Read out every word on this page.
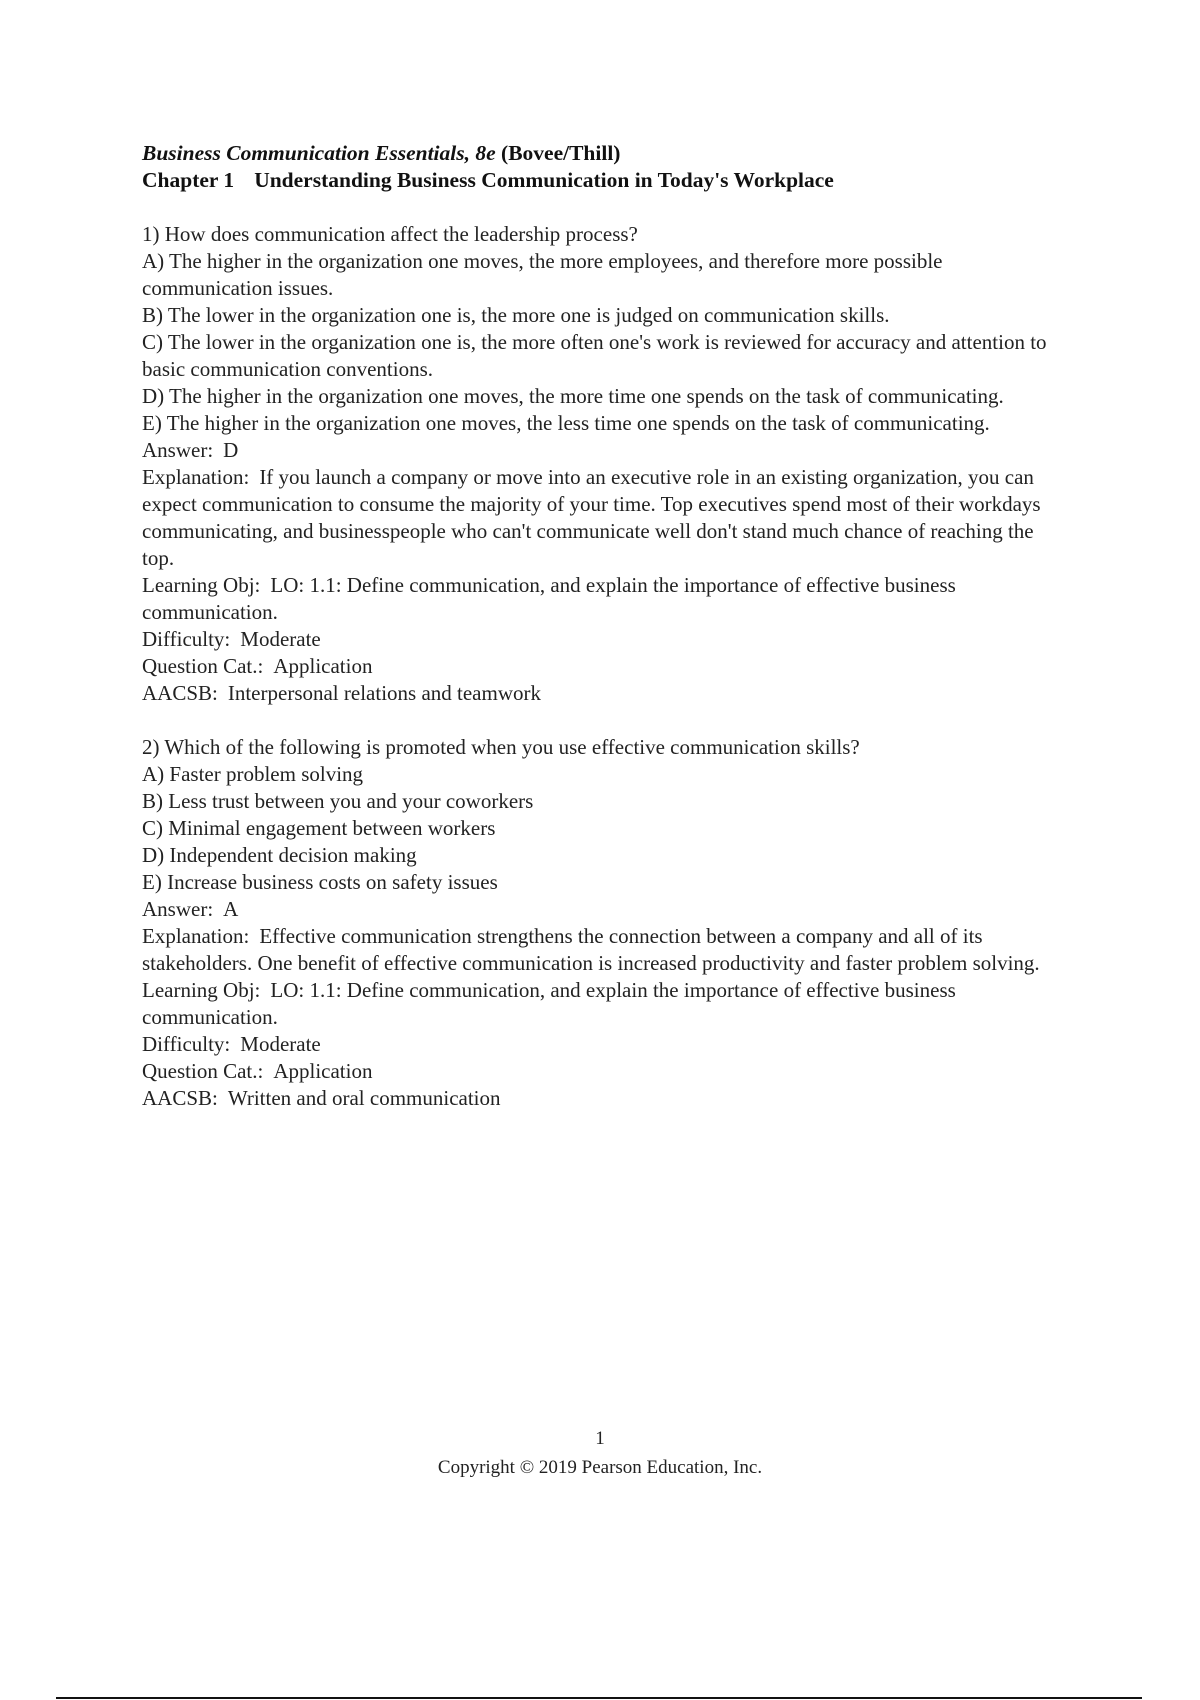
Business Communication Essentials, 8e (Bovee/Thill)
Chapter 1 Understanding Business Communication in Today's Workplace
1) How does communication affect the leadership process?
A) The higher in the organization one moves, the more employees, and therefore more possible communication issues.
B) The lower in the organization one is, the more one is judged on communication skills.
C) The lower in the organization one is, the more often one's work is reviewed for accuracy and attention to basic communication conventions.
D) The higher in the organization one moves, the more time one spends on the task of communicating.
E) The higher in the organization one moves, the less time one spends on the task of communicating.
Answer: D
Explanation: If you launch a company or move into an executive role in an existing organization, you can expect communication to consume the majority of your time. Top executives spend most of their workdays communicating, and businesspeople who can't communicate well don't stand much chance of reaching the top.
Learning Obj: LO: 1.1: Define communication, and explain the importance of effective business communication.
Difficulty: Moderate
Question Cat.: Application
AACSB: Interpersonal relations and teamwork
2) Which of the following is promoted when you use effective communication skills?
A) Faster problem solving
B) Less trust between you and your coworkers
C) Minimal engagement between workers
D) Independent decision making
E) Increase business costs on safety issues
Answer: A
Explanation: Effective communication strengthens the connection between a company and all of its stakeholders. One benefit of effective communication is increased productivity and faster problem solving.
Learning Obj: LO: 1.1: Define communication, and explain the importance of effective business communication.
Difficulty: Moderate
Question Cat.: Application
AACSB: Written and oral communication
1
Copyright © 2019 Pearson Education, Inc.
